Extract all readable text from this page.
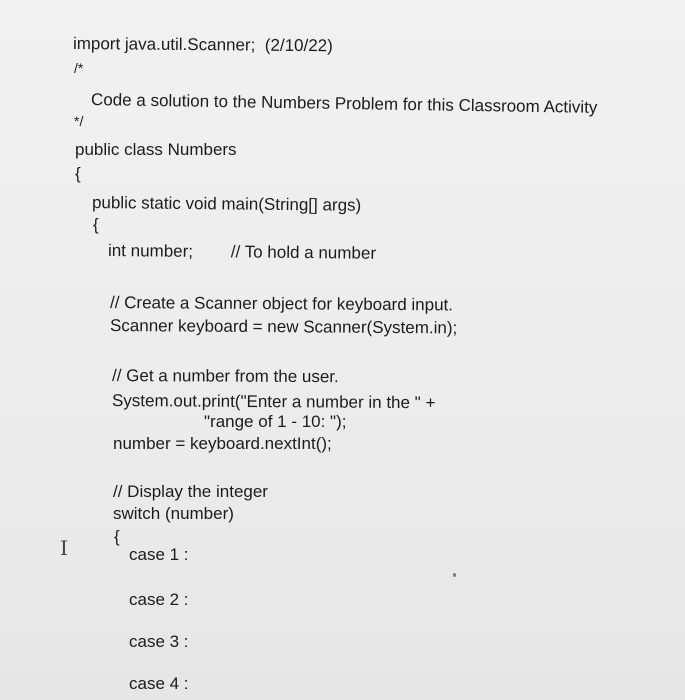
import java.util.Scanner;  (2/10/22)
/*
Code a solution to the Numbers Problem for this Classroom Activity
*/
public class Numbers
{
public static void main(String[] args)
{
int number;        // To hold a number
// Create a Scanner object for keyboard input.
Scanner keyboard = new Scanner(System.in);
// Get a number from the user.
System.out.print("Enter a number in the " +
"range of 1 - 10: ");
number = keyboard.nextInt();
// Display the integer
switch (number)
{
case 1 :
case 2 :
case 3 :
case 4 :
I
